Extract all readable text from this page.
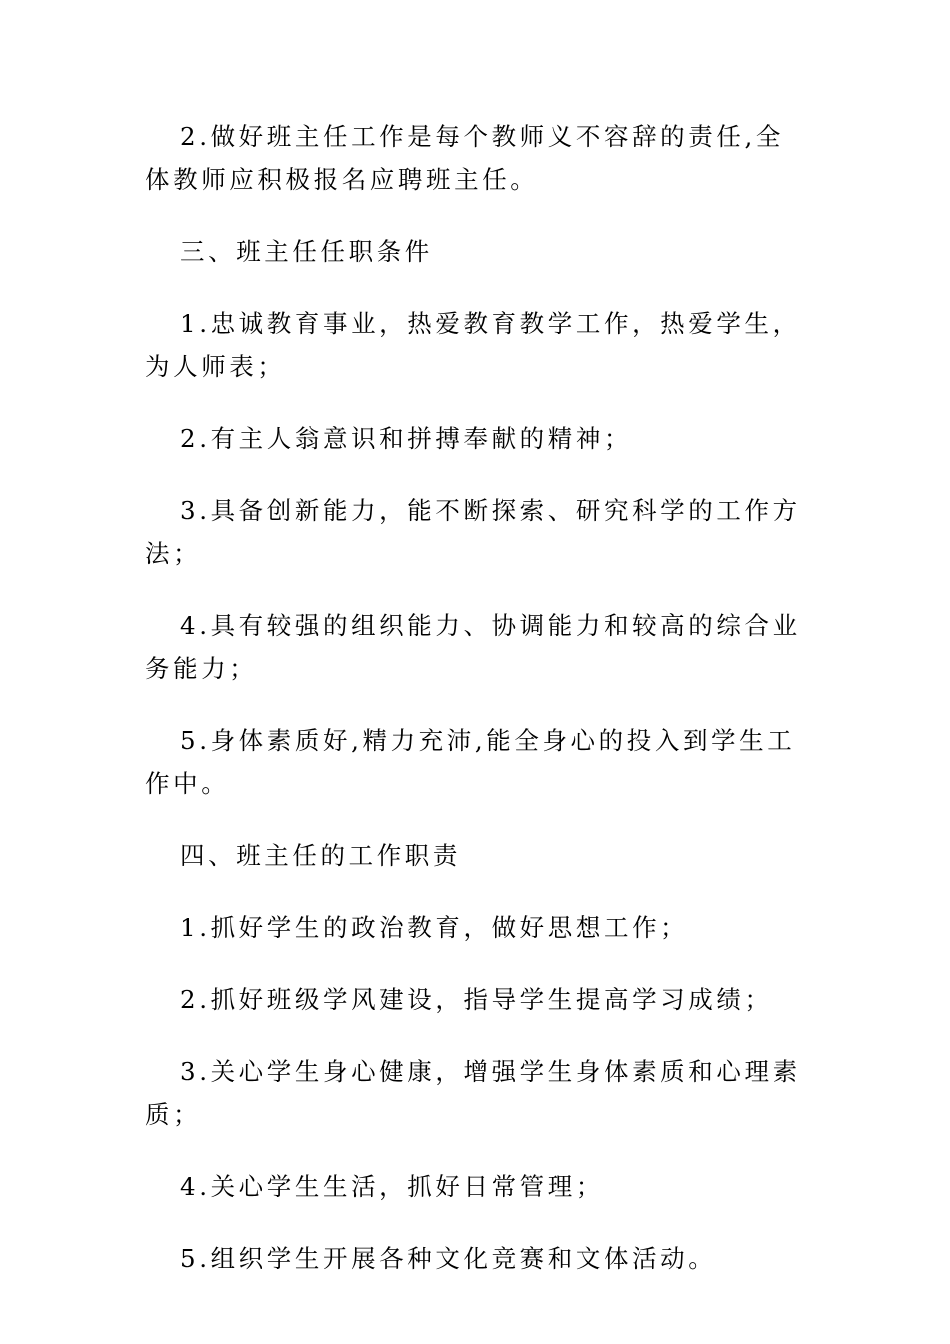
2.做好班主任工作是每个教师义不容辞的责任,全体教师应积极报名应聘班主任。

三、班主任任职条件

1.忠诚教育事业，热爱教育教学工作，热爱学生，为人师表；

2.有主人翁意识和拼搏奉献的精神；

3.具备创新能力，能不断探索、研究科学的工作方法；

4.具有较强的组织能力、协调能力和较高的综合业务能力；

5.身体素质好,精力充沛,能全身心的投入到学生工作中。

四、班主任的工作职责

1.抓好学生的政治教育，做好思想工作；

2.抓好班级学风建设，指导学生提高学习成绩；

3.关心学生身心健康，增强学生身体素质和心理素质；

4.关心学生生活，抓好日常管理；

5.组织学生开展各种文化竞赛和文体活动。
